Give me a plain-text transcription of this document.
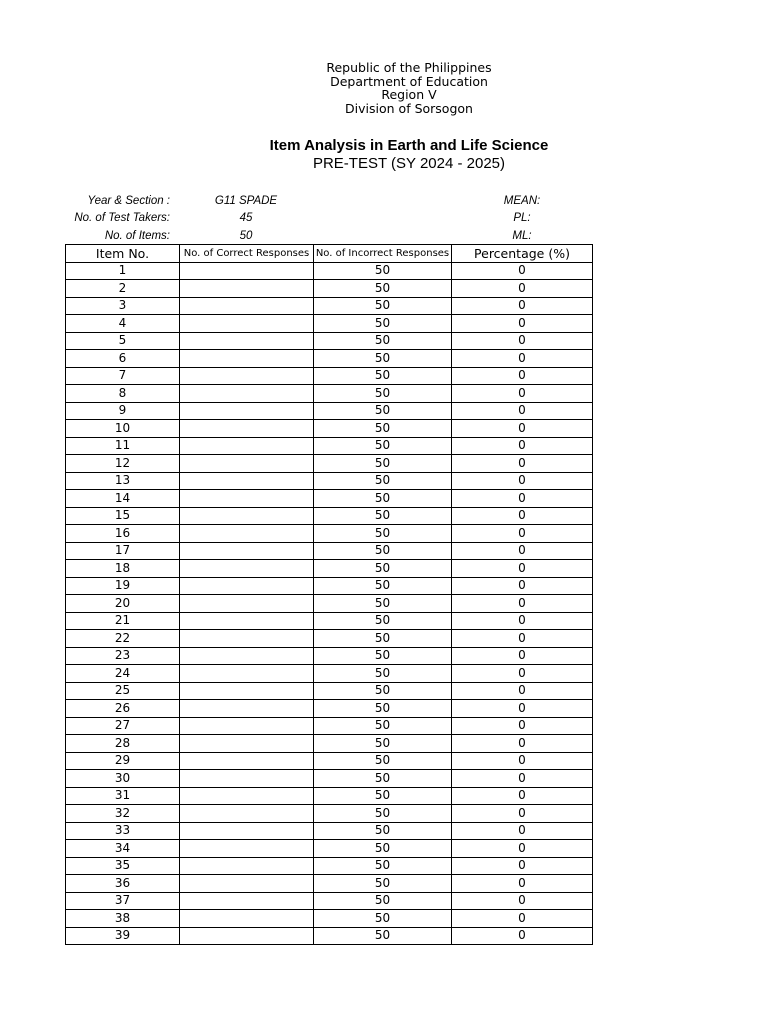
Republic of the Philippines
Department of Education
Region V
Division of Sorsogon
Item Analysis in Earth and Life Science
PRE-TEST (SY 2024 - 2025)
Year & Section :	G11 SPADE	MEAN:
No. of Test Takers:	45	PL:
No. of Items:	50	ML:
Item No.	No. of Correct Responses	No. of Incorrect Responses	Percentage (%)
1		50	0
2		50	0
3		50	0
4		50	0
5		50	0
6		50	0
7		50	0
8		50	0
9		50	0
10		50	0
11		50	0
12		50	0
13		50	0
14		50	0
15		50	0
16		50	0
17		50	0
18		50	0
19		50	0
20		50	0
21		50	0
22		50	0
23		50	0
24		50	0
25		50	0
26		50	0
27		50	0
28		50	0
29		50	0
30		50	0
31		50	0
32		50	0
33		50	0
34		50	0
35		50	0
36		50	0
37		50	0
38		50	0
39		50	0
